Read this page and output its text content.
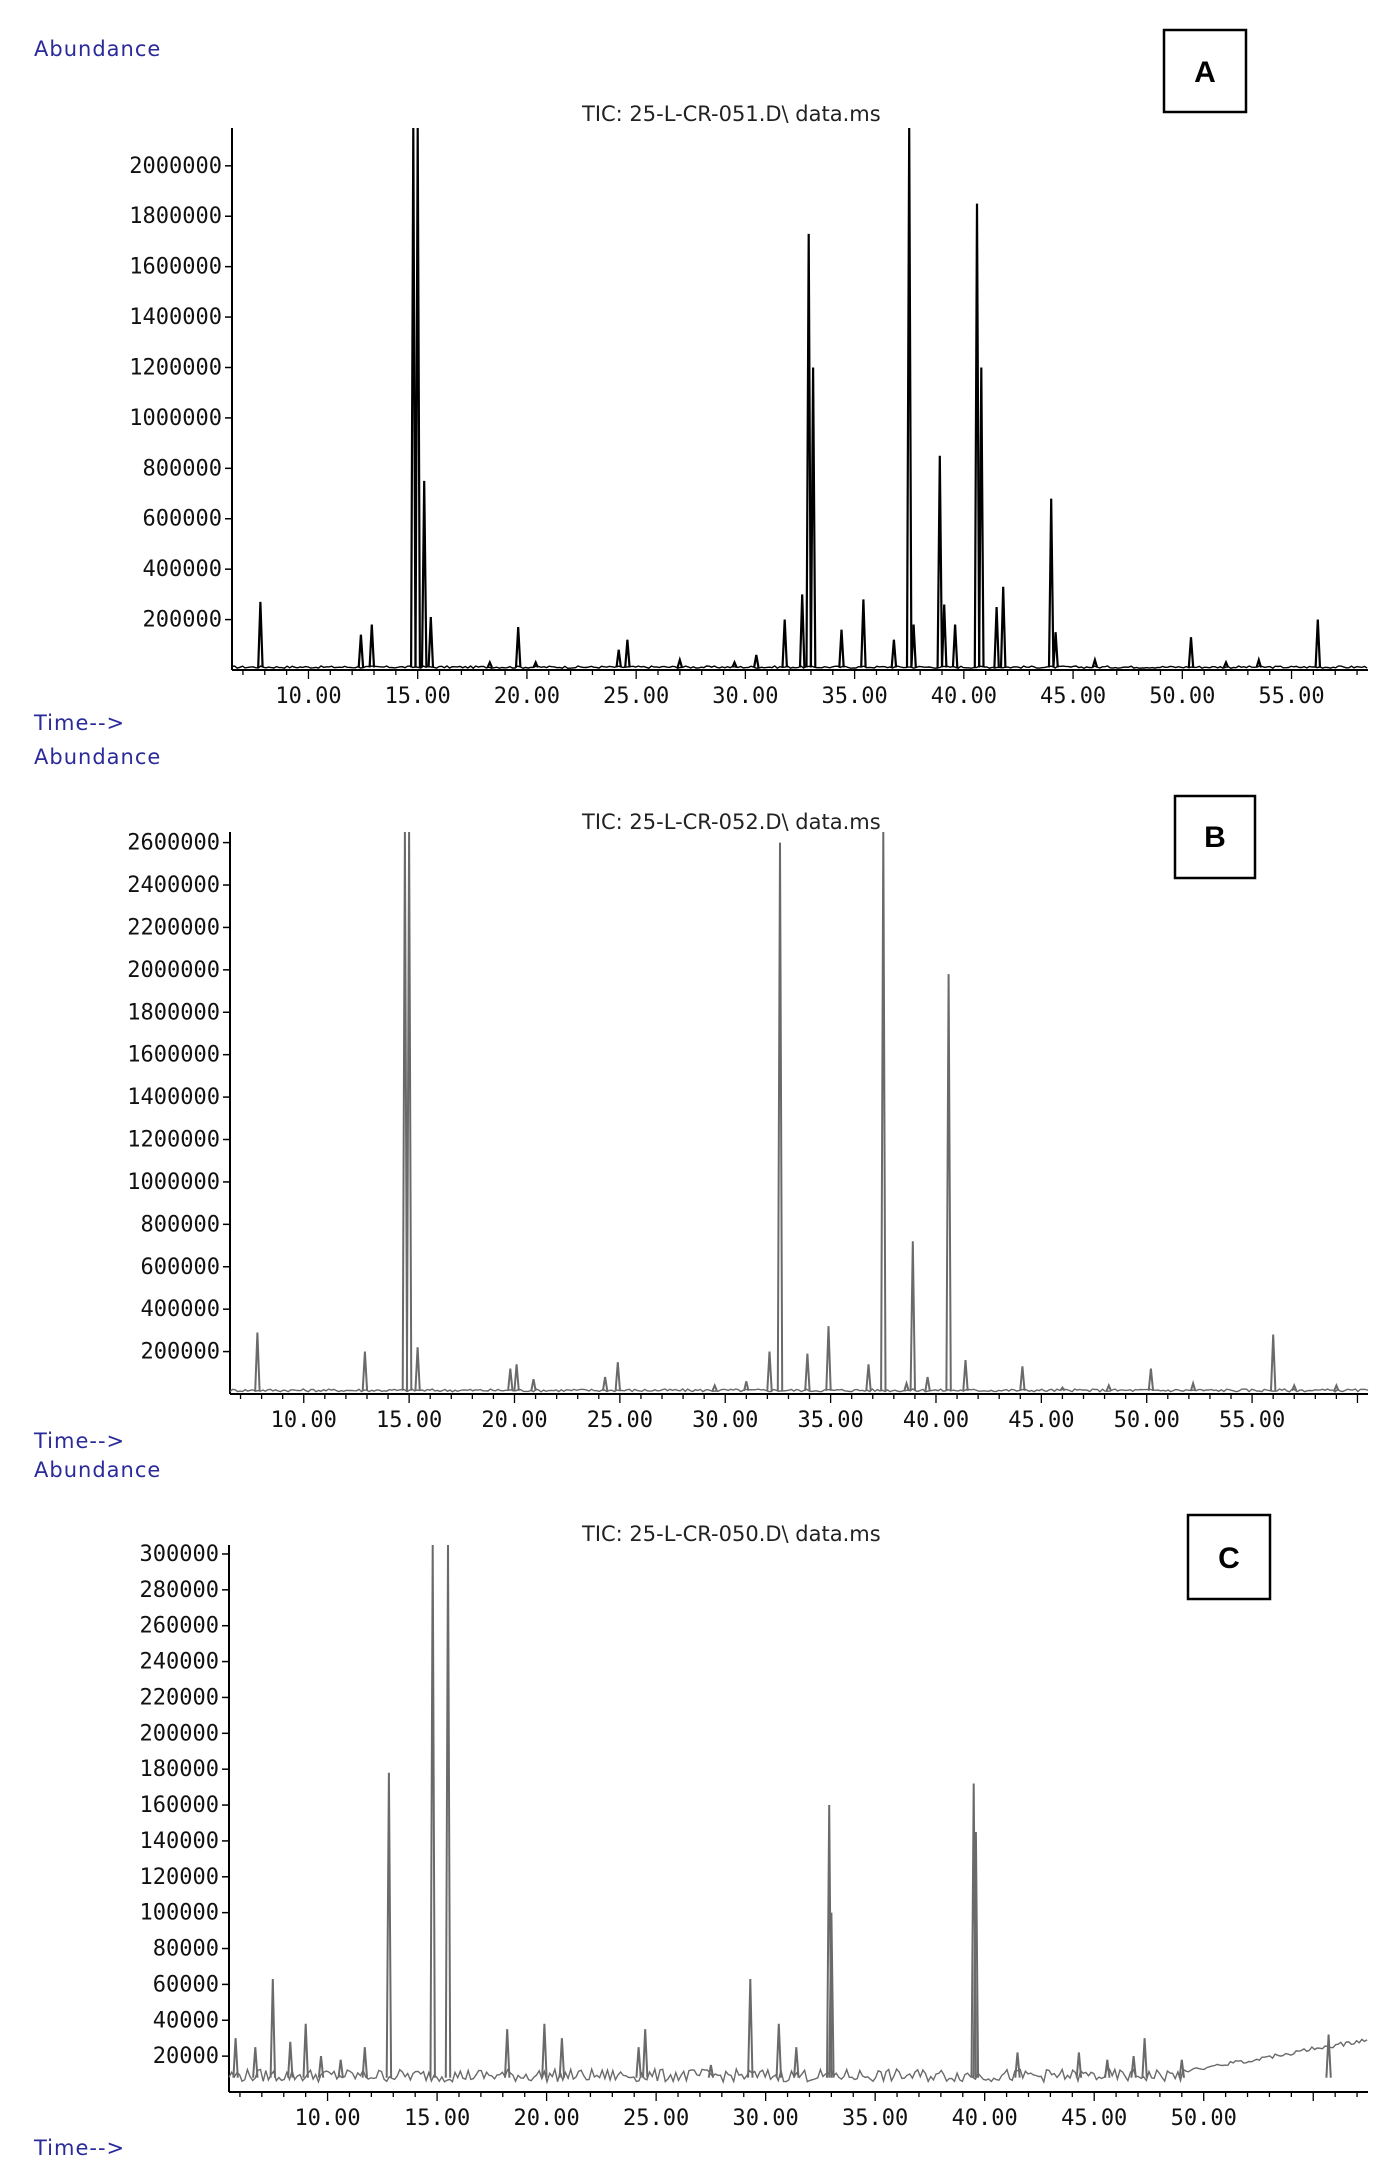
Abundance
TIC: 25-L-CR-051.D\ data.ms
A
Time-->
200000
400000
600000
800000
1000000
1200000
1400000
1600000
1800000
2000000
10.00 15.00 20.00 25.00 30.00 35.00 40.00 45.00 50.00 55.00
Abundance
TIC: 25-L-CR-052.D\ data.ms	B
Time-->
200000
400000
600000
800000
1000000
1200000
1400000
1600000
1800000
2000000
2200000
2400000
2600000
10.00 15.00 20.00 25.00 30.00 35.00 40.00 45.00 50.00 55.00
Abundance
TIC: 25-L-CR-050.D\ data.ms
C
Time-->
20000
40000
60000
80000
100000
120000
140000
160000
180000
200000
220000
240000
260000
280000
300000
10.00 15.00 20.00 25.00 30.00 35.00 40.00 45.00 50.00
